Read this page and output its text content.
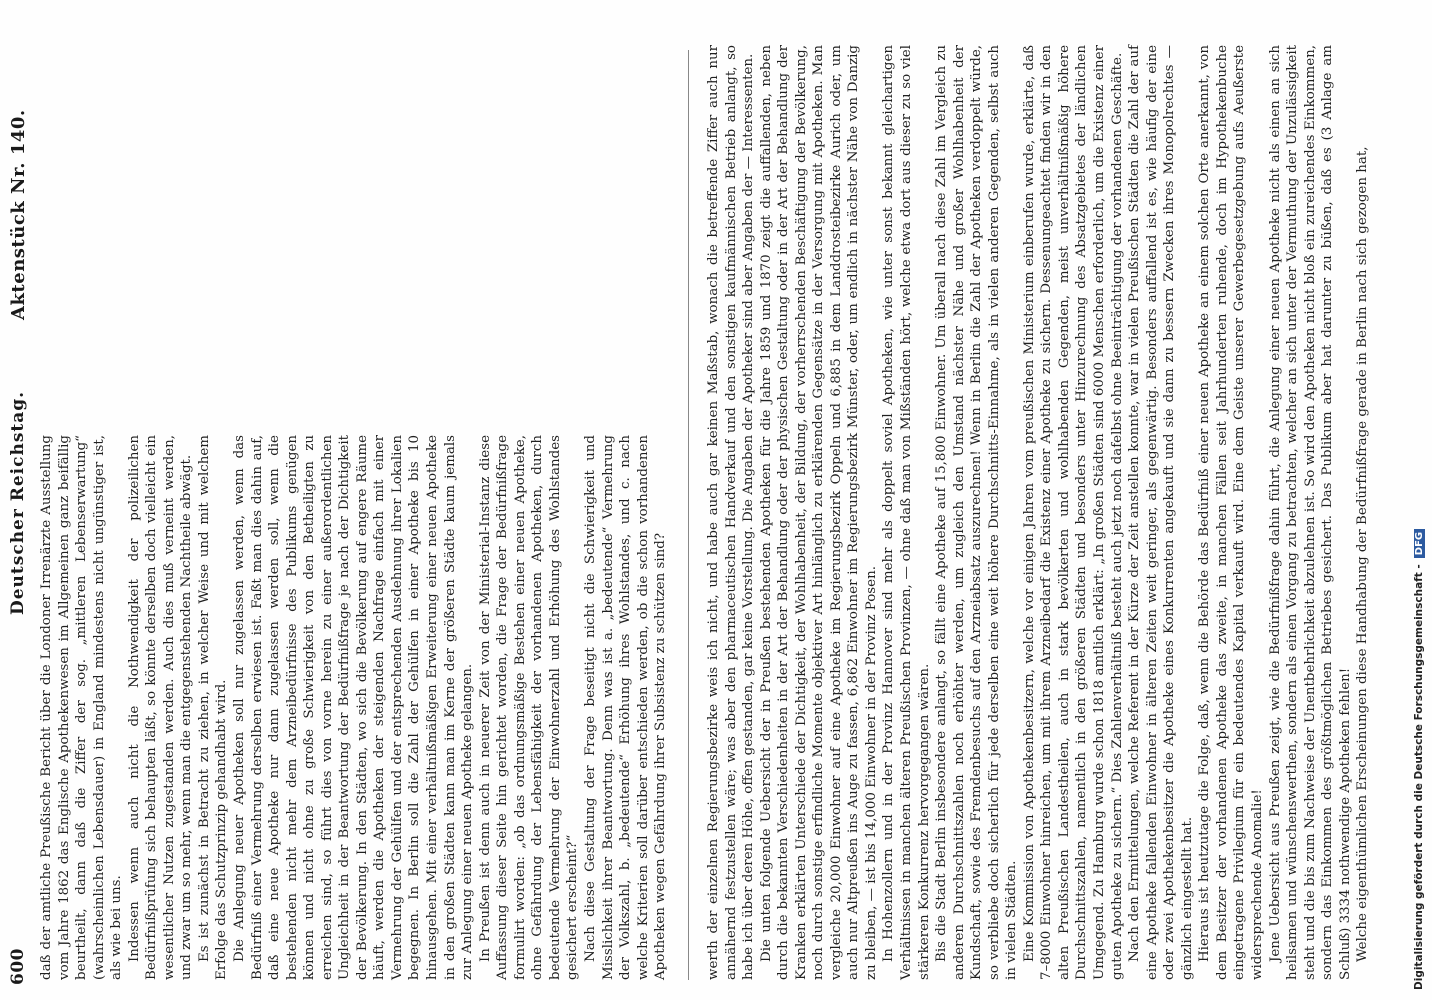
600
Deutscher Reichstag.
Aktenstück Nr. 140.

daß der amtliche Preußische Bericht über die Londoner Irrenärzte Ausstellung vom Jahre 1862 das Englische Apothekenwesen im Allgemeinen ganz beifällig beurtheilt, dann daß die Ziffer der sog. „mittleren Lebenserwartung“ (wahrscheinlichen Lebensdauer) in England mindestens nicht ungünstiger ist, als wie bei uns. Indessen wenn auch nicht die Nothwendigkeit der polizeilichen Bedürfnißprüfung sich behaupten läßt, so könnte derselben doch vielleicht ein wesentlicher Nutzen zugestanden werden. Auch dies muß verneint werden, und zwar um so mehr, wenn man die entgegenstehenden Nachtheile abwägt. Es ist zunächst in Betracht zu ziehen, in welcher Weise und mit welchem Erfolge das Schutzprinzip gehandhabt wird. Die Anlegung neuer Apotheken soll nur zugelassen werden, wenn das Bedürfniß einer Vermehrung derselben erwiesen ist. Faßt man dies dahin auf, daß eine neue Apotheke nur dann zugelassen werden soll, wenn die bestehenden nicht mehr dem Arzneibedürfnisse des Publikums genügen können und nicht ohne zu große Schwierigkeit von den Betheiligten zu erreichen sind, so führt dies von vorne herein zu einer außerordentlichen Ungleichheit in der Beantwortung der Bedürfnißfrage je nach der Dichtigkeit der Bevölkerung. In den Städten, wo sich die Bevölkerung auf engere Räume häuft, werden die Apotheken der steigenden Nachfrage einfach mit einer Vermehrung der Gehülfen und der entsprechenden Ausdehnung ihrer Lokalien begegnen. In Berlin soll die Zahl der Gehülfen in einer Apotheke bis 10 hinausgehen. Mit einer verhältnißmäßigen Erweiterung einer neuen Apotheke in den großen Städten kann man im Kerne der größeren Städte kaum jemals zur Anlegung einer neuen Apotheke gelangen. In Preußen ist denn auch in neuerer Zeit von der Ministerial-Instanz diese Auffassung dieser Seite hin gerichtet worden, die Frage der Bedürfnißfrage formulirt worden: „ob das ordnungsmäßige Bestehen einer neuen Apotheke, ohne Gefährdung der Lebensfähigkeit der vorhandenen Apotheken, durch bedeutende Vermehrung der Einwohnerzahl und Erhöhung des Wohlstandes gesichert erscheint?“ Nach diese Gestaltung der Frage beseitigt nicht die Schwierigkeit und Misslichkeit ihrer Beantwortung. Denn was ist a. „bedeutende“ Vermehrung der Volkszahl, b. „bedeutende“ Erhöhung ihres Wohlstandes, und c. nach welche Kriterien soll darüber entschieden werden, ob die schon vorhandenen Apotheken wegen Gefährdung ihrer Subsistenz zu schützen sind?	werth der einzelnen Regierungsbezirke weis ich nicht, und habe auch gar keinen Maßstab, wonach die betreffende Ziffer auch nur annähernd festzustellen wäre; was aber den pharmaceutischen Handverkauf und den sonstigen kaufmännischen Betrieb anlangt, so habe ich über deren Höhe, offen gestanden, gar keine Vorstellung. Die Angaben der Apotheker sind aber Angaben der — Interessenten. Die unten folgende Uebersicht der in Preußen bestehenden Apotheken für die Jahre 1859 und 1870 zeigt die auffallenden, neben durch die bekannten Verschiedenheiten in der Art der Behandlung oder der physischen Gestaltung oder in der Art der Behandlung der Kranken erklärten Unterschiede der Dichtigkeit, der Wohlhabenheit, der Bildung, der vorherrschenden Beschäftigung der Bevölkerung, noch durch sonstige erfindliche Momente objektiver Art hinlänglich zu erklärenden Gegensätze in der Versorgung mit Apotheken. Man vergleiche 20,000 Einwohner auf eine Apotheke im Regierungsbezirk Oppeln und 6,885 in dem Landdrosteibezirke Aurich oder, um auch nur Altpreußen ins Auge zu fassen, 6,862 Einwohner im Regierungsbezirk Münster, oder, um endlich in nächster Nähe von Danzig zu bleiben, — ist bis 14,000 Einwohner in der Provinz Posen. In Hohenzollern und in der Provinz Hannover sind mehr als doppelt soviel Apotheken, wie unter sonst bekannt gleichartigen Verhältnissen in manchen älteren Preußischen Provinzen, — ohne daß man von Mißständen hört, welche etwa dort aus dieser zu so viel stärkeren Konkurrenz hervorgegangen wären. Bis die Stadt Berlin insbesondere anlangt, so fällt eine Apotheke auf 15,800 Einwohner. Um überall nach diese Zahl im Vergleich zu anderen Durchschnittszahlen noch erhöhter werden, um zugleich den Umstand nächster Nähe und großer Wohlhabenheit der Kundschaft, sowie des Fremdenbesuchs auf den Arzneiabsatz auszurechnen! Wenn in Berlin die Zahl der Apotheken verdoppelt würde, so verbliebe doch sicherlich für jede derselben eine weit höhere Durchschnitts-Einnahme, als in vielen anderen Gegenden, selbst auch in vielen Städten. Eine Kommission von Apothekenbesitzern, welche vor einigen Jahren vom preußischen Ministerium einberufen wurde, erklärte, daß 7–8000 Einwohner hinreichen, um mit ihrem Arzneibedarf die Existenz einer Apotheke zu sichern. Dessenungeachtet finden wir in den alten Preußischen Landestheilen, auch in stark bevölkerten und wohlhabenden Gegenden, meist unverhältnißmäßig höhere Durchschnittszahlen, namentlich in den größeren Städten und besonders unter Hinzurechnung des Absatzgebietes der ländlichen Umgegend. Zu Hamburg wurde schon 1818 amtlich erklärt: „In großen Städten sind 6000 Menschen erforderlich, um die Existenz einer guten Apotheke zu sichern.“ Dies Zahlenverhältniß besteht auch jetzt noch dafelbst ohne Beeinträchtigung der vorhandenen Geschäfte. Nach den Ermittelungen, welche Referent in der Kürze der Zeit anstellen konnte, war in vielen Preußischen Städten die Zahl der auf eine Apotheke fallenden Einwohner in älteren Zeiten weit geringer, als gegenwärtig. Besonders auffallend ist es, wie häufig der eine oder zwei Apothekenbesitzer die Apotheke eines Konkurrenten angekauft und sie dann zu bessern Zwecken ihres Monopolrechtes — gänzlich eingestellt hat. Hieraus ist heutzutage die Folge, daß, wenn die Behörde das Bedürfniß einer neuen Apotheke an einem solchen Orte anerkannt, von dem Besitzer der vorhandenen Apotheke das zweite, in manchen Fällen seit Jahrhunderten ruhende, doch im Hypothekenbuche eingetragene Privilegium für ein bedeutendes Kapital verkauft wird. Eine dem Geiste unserer Gewerbegesetzgebung aufs Aeußerste widersprechende Anomalie! Jene Uebersicht aus Preußen zeigt, wie die Bedürfnißfrage dahin führt, die Anlegung einer neuen Apotheke nicht als einen an sich heilsamen und wünschenswerthen, sondern als einen Vorgang zu betrachten, welcher an sich unter der Vermuthung der Unzulässigkeit steht und die bis zum Nachweise der Unentbehrlichkeit abzulehnen ist. So wird den Apotheken nicht bloß ein zureichendes Einkommen, sondern das Einkommen des größtmöglichen Betriebes gesichert. Das Publikum aber hat darunter zu büßen, daß es (3 Anlage am Schluß) 3334 nothwendige Apotheken fehlen! Welche eigenthümlichen Erscheinungen diese Handhabung der Bedürfnißfrage gerade in Berlin nach sich gezogen hat,	Digitalisierung gefördert durch die Deutsche Forschungsgemeinschaft -DFG
